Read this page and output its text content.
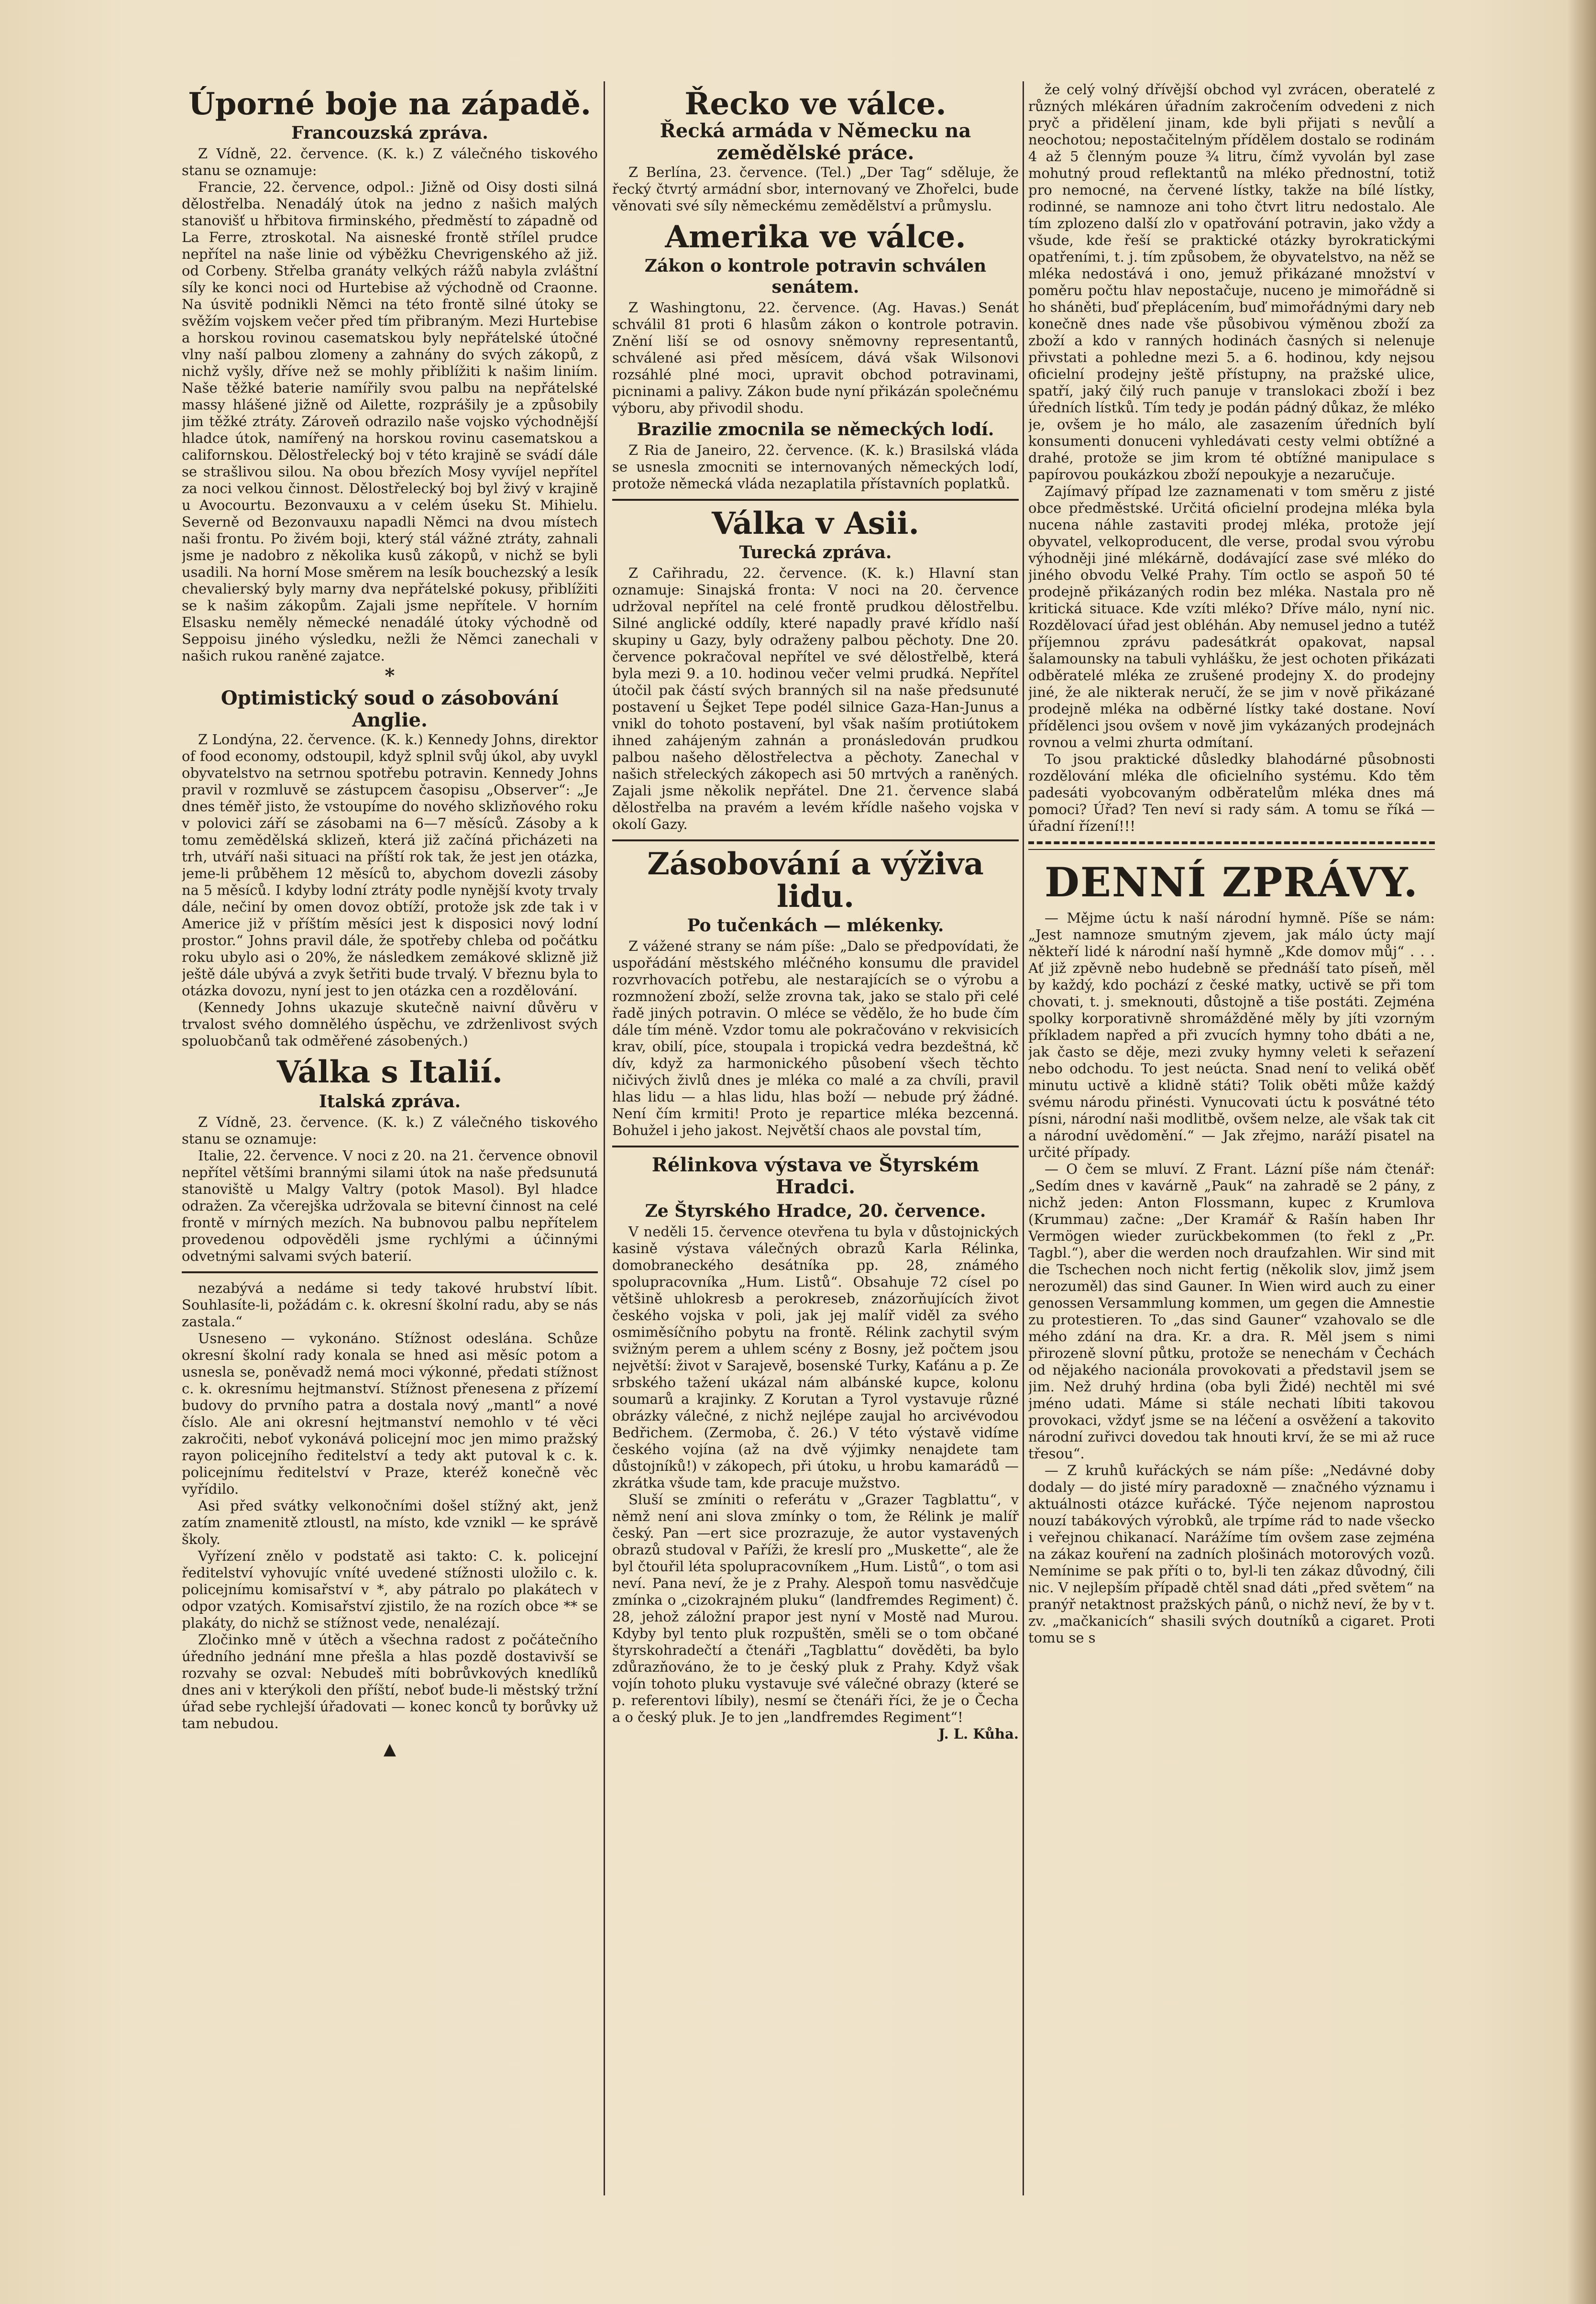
Úporné boje na západě.
Francouzská zpráva.

Z Vídně, 22. července. (K. k.) Z válečného tiskového stanu se oznamuje:

Francie, 22. července, odpol.: Jižně od Oisy dosti silná dělostřelba. Nenadálý útok na jedno z našich malých stanovišť u hřbitova firminského, předměstí to západně od La Ferre, ztroskotal. Na aisneské frontě střílel prudce nepřítel na naše linie od výběžku Chevrigenského až již. od Corbeny. Střelba granáty velkých rážů nabyla zvláštní síly ke konci noci od Hurtebise až východně od Craonne. Na úsvitě podnikli Němci na této frontě silné útoky se svěžím vojskem večer před tím přibraným. Mezi Hurtebise a horskou rovinou casematskou byly nepřátelské útočné vlny naší palbou zlomeny a zahnány do svých zákopů, z nichž vyšly, dříve než se mohly přiblížiti k našim liniím. Naše těžké baterie namířily svou palbu na nepřátelské massy hlášené jižně od Ailette, rozprášily je a způsobily jim těžké ztráty. Zároveň odrazilo naše vojsko východnější hladce útok, namířený na horskou rovinu casematskou a californskou. Dělostřelecký boj v této krajině se svádí dále se strašlivou silou. Na obou březích Mosy vyvíjel nepřítel za noci velkou činnost. Dělostřelecký boj byl živý v krajině u Avocourtu. Bezonvauxu a v celém úseku St. Mihielu. Severně od Bezonvauxu napadli Němci na dvou místech naši frontu. Po živém boji, který stál vážné ztráty, zahnali jsme je nadobro z několika kusů zákopů, v nichž se byli usadili. Na horní Mose směrem na lesík bouchezský a lesík chevalierský byly marny dva nepřátelské pokusy, přiblížiti se k našim zákopům. Zajali jsme nepřítele. V horním Elsasku neměly německé nenadálé útoky východně od Seppoisu jiného výsledku, nežli že Němci zanechali v našich rukou raněné zajatce.

*
Optimistický soud o zásobování Anglie.

Z Londýna, 22. července. (K. k.) Kennedy Johns, direktor of food economy, odstoupil, když splnil svůj úkol, aby uvykl obyvatelstvo na setrnou spotřebu potravin. Kennedy Johns pravil v rozmluvě se zástupcem časopisu „Observer“: „Je dnes téměř jisto, že vstoupíme do nového sklizňového roku v polovici září se zásobami na 6—7 měsíců. Zásoby a k tomu zemědělská sklizeň, která již začíná přicházeti na trh, utváří naši situaci na příští rok tak, že jest jen otázka, jeme-li průběhem 12 měsíců to, abychom dovezli zásoby na 5 měsíců. I kdyby lodní ztráty podle nynější kvoty trvaly dále, nečiní by omen dovoz obtíží, protože jsk zde tak i v Americe již v příštím měsíci jest k disposici nový lodní prostor.“ Johns pravil dále, že spotřeby chleba od počátku roku ubylo asi o 20%, že následkem zemákové sklizně již ještě dále ubývá a zvyk šetřiti bude trvalý. V březnu byla to otázka dovozu, nyní jest to jen otázka cen a rozdělování.

(Kennedy Johns ukazuje skutečně naivní důvěru v trvalost svého domnělého úspěchu, ve zdrženlivost svých spoluobčanů tak odměřené zásobených.)

Válka s Italií.
Italská zpráva.

Z Vídně, 23. července. (K. k.) Z válečného tiskového stanu se oznamuje:

Italie, 22. července. V noci z 20. na 21. července obnovil nepřítel většími brannými silami útok na naše předsunutá stanoviště u Malgy Valtry (potok Masol). Byl hladce odražen. Za včerejška udržovala se bitevní činnost na celé frontě v mírných mezích. Na bubnovou palbu nepřítelem provedenou odpověděli jsme rychlými a účinnými odvetnými salvami svých baterií.

nezabývá a nedáme si tedy takové hrubství líbit. Souhlasíte-li, požádám c. k. okresní školní radu, aby se nás zastala.“

Usneseno — vykonáno. Stížnost odeslána. Schůze okresní školní rady konala se hned asi měsíc potom a usnesla se, poněvadž nemá moci výkonné, předati stížnost c. k. okresnímu hejtmanství. Stížnost přenesena z přízemí budovy do prvního patra a dostala nový „mantl“ a nové číslo. Ale ani okresní hejtmanství nemohlo v té věci zakročiti, neboť vykonává policejní moc jen mimo pražský rayon policejního ředitelství a tedy akt putoval k c. k. policejnímu ředitelství v Praze, kteréž konečně věc vyřídilo.

Asi před svátky velkonočními došel stížný akt, jenž zatím znamenitě ztloustl, na místo, kde vznikl — ke správě školy.

Vyřízení znělo v podstatě asi takto: C. k. policejní ředitelství vyhovujíc vníté uvedené stížnosti uložilo c. k. policejnímu komisařství v *, aby pátralo po plakátech v odpor vzatých. Komisařství zjistilo, že na rozích obce ** se plakáty, do nichž se stížnost vede, nenalézají.

Zločinko mně v útěch a všechna radost z počátečního úředního jednání mne přešla a hlas pozdě dostavivší se rozvahy se ozval: Nebudeš míti bobrůvkových knedlíků dnes ani v kterýkoli den příští, neboť bude-li městský tržní úřad sebe rychlejší úřadovati — konec konců ty borůvky už tam nebudou.

▲
Řecko ve válce.
Řecká armáda v Německu na zemědělské práce.

Z Berlína, 23. července. (Tel.) „Der Tag“ sděluje, že řecký čtvrtý armádní sbor, internovaný ve Zhořelci, bude věnovati své síly německému zemědělství a průmyslu.

Amerika ve válce.
Zákon o kontrole potravin schválen senátem.

Z Washingtonu, 22. července. (Ag. Havas.) Senát schválil 81 proti 6 hlasům zákon o kontrole potravin. Znění liší se od osnovy sněmovny representantů, schválené asi před měsícem, dává však Wilsonovi rozsáhlé plné moci, upravit obchod potravinami, picninami a palivy. Zákon bude nyní přikázán společnému výboru, aby přivodil shodu.

Brazilie zmocnila se německých lodí.

Z Ria de Janeiro, 22. července. (K. k.) Brasilská vláda se usnesla zmocniti se internovaných německých lodí, protože německá vláda nezaplatila přístavních poplatků.

Válka v Asii.
Turecká zpráva.

Z Cařihradu, 22. července. (K. k.) Hlavní stan oznamuje: Sinajská fronta: V noci na 20. července udržoval nepřítel na celé frontě prudkou dělostřelbu. Silné anglické oddíly, které napadly pravé křídlo naší skupiny u Gazy, byly odraženy palbou pěchoty. Dne 20. července pokračoval nepřítel ve své dělostřelbě, která byla mezi 9. a 10. hodinou večer velmi prudká. Nepřítel útočil pak částí svých branných sil na naše předsunuté postavení u Šejket Tepe podél silnice Gaza-Han-Junus a vnikl do tohoto postavení, byl však naším protiútokem ihned zahájeným zahnán a pronásledován prudkou palbou našeho dělostřelectva a pěchoty. Zanechal v našich střeleckých zákopech asi 50 mrtvých a raněných. Zajali jsme několik nepřátel. Dne 21. července slabá dělostřelba na pravém a levém křídle našeho vojska v okolí Gazy.

Zásobování a výživa lidu.
Po tučenkách — mlékenky.

Z vážené strany se nám píše: „Dalo se předpovídati, že uspořádání městského mléčného konsumu dle pravidel rozvrhovacích potřebu, ale nestarajících se o výrobu a rozmnožení zboží, selže zrovna tak, jako se stalo při celé řadě jiných potravin. O mléce se vědělo, že ho bude čím dále tím méně. Vzdor tomu ale pokračováno v rekvisicích krav, obilí, píce, stoupala i tropická vedra bezdeštná, kč dív, když za harmonického působení všech těchto ničivých živlů dnes je mléka co malé a za chvíli, pravil hlas lidu — a hlas lidu, hlas boží — nebude prý žádné. Není čím krmiti! Proto je repartice mléka bezcenná. Bohužel i jeho jakost. Největší chaos ale povstal tím,

Rélinkova výstava ve Štyrském Hradci.
Ze Štyrského Hradce, 20. července.

V neděli 15. července otevřena tu byla v důstojnických kasině výstava válečných obrazů Karla Rélinka, domobraneckého desátníka pp. 28, známého spolupracovníka „Hum. Listů“. Obsahuje 72 císel po většině uhlokresb a perokreseb, znázorňujících život českého vojska v poli, jak jej malíř viděl za svého osmiměsíčního pobytu na frontě. Rélink zachytil svým svižným perem a uhlem scény z Bosny, jež počtem jsou největší: život v Sarajevě, bosenské Turky, Kaťánu a p. Ze srbského tažení ukázal nám albánské kupce, kolonu soumarů a krajinky. Z Korutan a Tyrol vystavuje různé obrázky válečné, z nichž nejlépe zaujal ho arcivévodou Bedřichem. (Zermoba, č. 26.) V této výstavě vidíme českého vojína (až na dvě výjimky nenajdete tam důstojníků!) v zákopech, při útoku, u hrobu kamarádů — zkrátka všude tam, kde pracuje mužstvo.

Sluší se zmíniti o referátu v „Grazer Tagblattu“, v němž není ani slova zmínky o tom, že Rélink je malíř český. Pan —ert sice prozrazuje, že autor vystavených obrazů studoval v Paříži, že kreslí pro „Muskette“, ale že byl čtouřil léta spolupracovníkem „Hum. Listů“, o tom asi neví. Pana neví, že je z Prahy. Alespoň tomu nasvědčuje zmínka o „cizokrajném pluku“ (landfremdes Regiment) č. 28, jehož záložní prapor jest nyní v Mostě nad Murou. Kdyby byl tento pluk rozpuštěn, směli se o tom občané štyrskohradečtí a čtenáři „Tagblattu“ dověděti, ba bylo zdůrazňováno, že to je český pluk z Prahy. Když však vojín tohoto pluku vystavuje své válečné obrazy (které se p. referentovi líbily), nesmí se čtenáři říci, že je o Čecha a o český pluk. Je to jen „landfremdes Regiment“!

J. L. Kůha.

že celý volný dřívější obchod vyl zvrácen, oberatelé z různých mlékáren úřadním zakročením odvedeni z nich pryč a přidělení jinam, kde byli přijati s nevůlí a neochotou; nepostačitelným přídělem dostalo se rodinám 4 až 5 členným pouze ¾ litru, čímž vyvolán byl zase mohutný proud reflektantů na mléko přednostní, totiž pro nemocné, na červené lístky, takže na bílé lístky, rodinné, se namnoze ani toho čtvrt litru nedostalo. Ale tím zplozeno další zlo v opatřování potravin, jako vždy a všude, kde řeší se praktické otázky byrokratickými opatřeními, t. j. tím způsobem, že obyvatelstvo, na něž se mléka nedostává i ono, jemuž přikázané množství v poměru počtu hlav nepostačuje, nuceno je mimořádně si ho sháněti, buď přeplácením, buď mimořádnými dary neb konečně dnes nade vše působivou výměnou zboží za zboží a kdo v ranných hodinách časných si nelenuje přivstati a pohledne mezi 5. a 6. hodinou, kdy nejsou oficielní prodejny ještě přístupny, na pražské ulice, spatří, jaký čilý ruch panuje v translokaci zboží i bez úředních lístků. Tím tedy je podán pádný důkaz, že mléko je, ovšem je ho málo, ale zasazením úředních bylí konsumenti donuceni vyhledávati cesty velmi obtížné a drahé, protože se jim krom té obtížné manipulace s papírovou poukázkou zboží nepoukyje a nezaručuje.

Zajímavý případ lze zaznamenati v tom směru z jisté obce předměstské. Určitá oficielní prodejna mléka byla nucena náhle zastaviti prodej mléka, protože její obyvatel, velkoproducent, dle verse, prodal svou výrobu výhodněji jiné mlékárně, dodávající zase své mléko do jiného obvodu Velké Prahy. Tím octlo se aspoň 50 té prodejně přikázaných rodin bez mléka. Nastala pro ně kritická situace. Kde vzíti mléko? Dříve málo, nyní nic. Rozdělovací úřad jest obléhán. Aby nemusel jedno a tutéž příjemnou zprávu padesátkrát opakovat, napsal šalamounsky na tabuli vyhlášku, že jest ochoten přikázati odběratelé mléka ze zrušené prodejny X. do prodejny jiné, že ale nikterak neručí, že se jim v nově přikázané prodejně mléka na odběrné lístky také dostane. Noví přídělenci jsou ovšem v nově jim vykázaných prodejnách rovnou a velmi zhurta odmítaní.

To jsou praktické důsledky blahodárné působnosti rozdělování mléka dle oficielního systému. Kdo těm padesáti vyobcovaným odběratelům mléka dnes má pomoci? Úřad? Ten neví si rady sám. A tomu se říká — úřadní řízení!!!

DENNÍ ZPRÁVY.

— Mějme úctu k naší národní hymně. Píše se nám: „Jest namnoze smutným zjevem, jak málo úcty mají někteří lidé k národní naší hymně „Kde domov můj“ . . . Ať již zpěvně nebo hudebně se přednáší tato píseň, měl by každý, kdo pochází z české matky, uctivě se při tom chovati, t. j. smeknouti, důstojně a tiše postáti. Zejména spolky korporativně shromážděné měly by jíti vzorným příkladem napřed a při zvucích hymny toho dbáti a ne, jak často se děje, mezi zvuky hymny veleti k seřazení nebo odchodu. To jest neúcta. Snad není to veliká oběť minutu uctivě a klidně státi? Tolik oběti může každý svému národu přinésti. Vynucovati úctu k posvátné této písni, národní naši modlitbě, ovšem nelze, ale však tak cit a národní uvědomění.“ — Jak zřejmo, naráží pisatel na určité případy.

— O čem se mluví. Z Frant. Lázní píše nám čtenář: „Sedím dnes v kavárně „Pauk“ na zahradě se 2 pány, z nichž jeden: Anton Flossmann, kupec z Krumlova (Krummau) začne: „Der Kramář & Rašín haben Ihr Vermögen wieder zurückbekommen (to řekl z „Pr. Tagbl.“), aber die werden noch draufzahlen. Wir sind mit die Tschechen noch nicht fertig (několik slov, jimž jsem nerozuměl) das sind Gauner. In Wien wird auch zu einer genossen Versammlung kommen, um gegen die Amnestie zu protestieren. To „das sind Gauner“ vzahovalo se dle mého zdání na dra. Kr. a dra. R. Měl jsem s nimi přirozeně slovní půtku, protože se nenechám v Čechách od nějakého nacionála provokovati a představil jsem se jim. Než druhý hrdina (oba byli Židé) nechtěl mi své jméno udati. Máme si stále nechati líbiti takovou provokaci, vždyť jsme se na léčení a osvěžení a takovito národní zuřivci dovedou tak hnouti krví, že se mi až ruce třesou“.

— Z kruhů kuřáckých se nám píše: „Nedávné doby dodaly — do jisté míry paradoxně — značného významu i aktuálnosti otázce kuřácké. Týče nejenom naprostou nouzí tabákových výrobků, ale trpíme rád to nade všecko i veřejnou chikanací. Narážíme tím ovšem zase zejména na zákaz kouření na zadních plošinách motorových vozů. Nemínime se pak příti o to, byl-li ten zákaz důvodný, čili nic. V nejlepším případě chtěl snad dáti „před světem“ na pranýř netaktnost pražských pánů, o nichž neví, že by v t. zv. „mačkanicích“ shasili svých doutníků a cigaret. Proti tomu se s
